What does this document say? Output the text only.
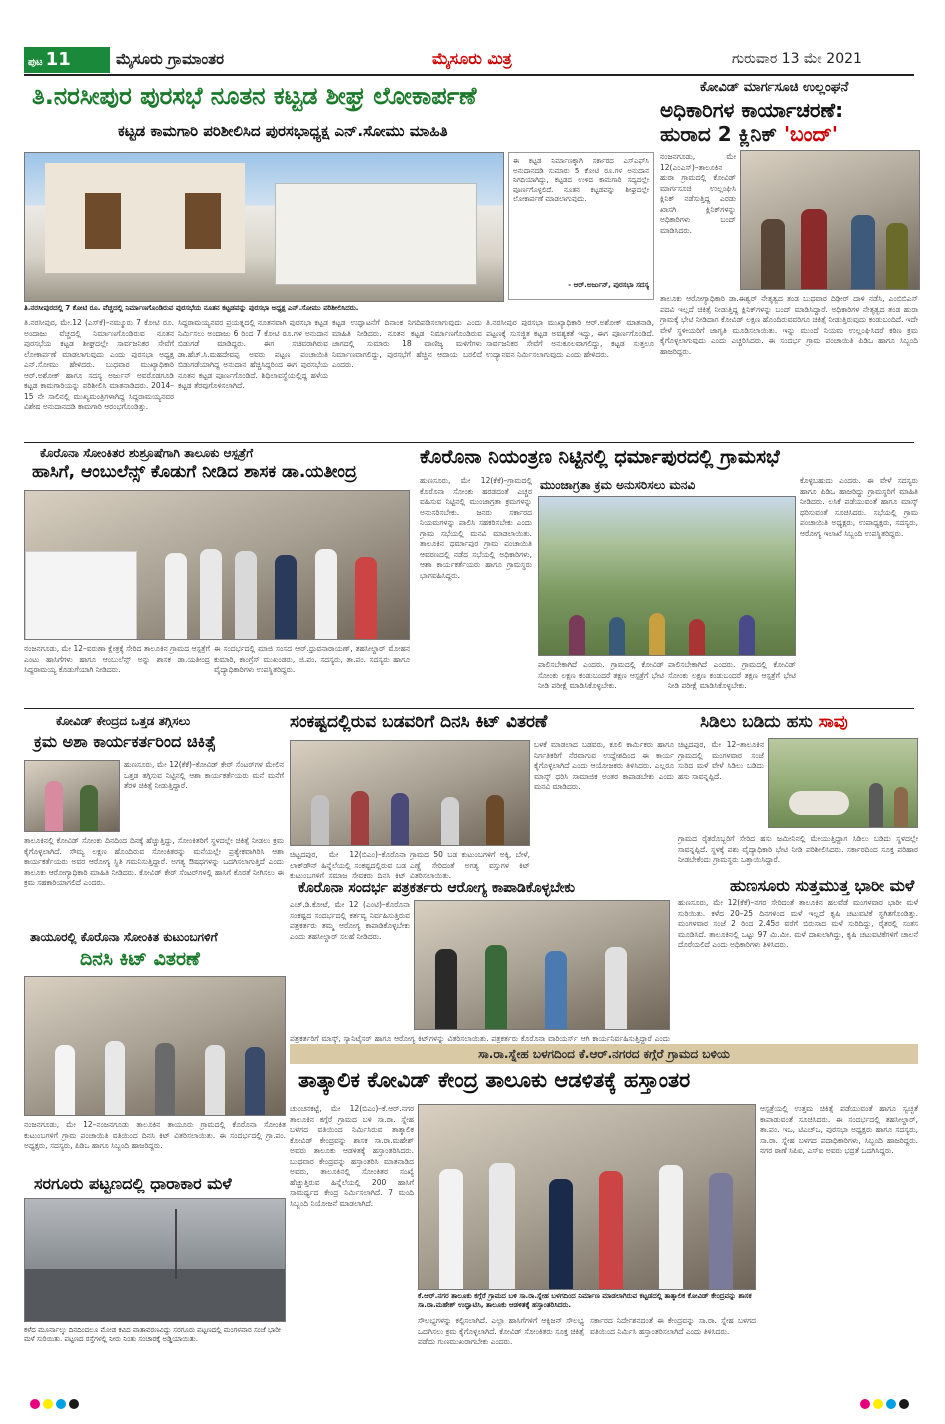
ಪುಟ 11	ಮೈಸೂರು ಗ್ರಾಮಾಂತರ	ಮೈಸೂರು ಮಿತ್ರ	ಗುರುವಾರ 13 ಮೇ 2021
ತಿ.ನರಸೀಪುರ ಪುರಸಭೆ ನೂತನ ಕಟ್ಟಡ ಶೀಘ್ರ ಲೋಕಾರ್ಪಣೆ
ಕಟ್ಟಡ ಕಾಮಗಾರಿ ಪರಿಶೀಲಿಸಿದ ಪುರಸಭಾಧ್ಯಕ್ಷ ಎನ್.ಸೋಮು ಮಾಹಿತಿ
ತಿ.ನರಸೀಪುರದಲ್ಲಿ 7 ಕೋಟಿ ರೂ. ವೆಚ್ಚದಲ್ಲಿ ನಿರ್ಮಾಣಗೊಂಡಿರುವ ಪುರಸಭೆಯ ನೂತನ ಕಟ್ಟಡವನ್ನು ಪುರಸಭಾ ಅಧ್ಯಕ್ಷ ಎನ್.ಸೋಮು ಪರಿಶೀಲಿಸಿದರು.
ಈ ಕಟ್ಟಡ ನಿರ್ಮಾಣಕ್ಕಾಗಿ ಸರ್ಕಾರದ ಎಸ್‌ಎಫ್‌ಸಿ ಅನುದಾನದಡಿ ಸುಮಾರು 5 ಕೋಟಿ ರೂ.ಗಳ ಅನುದಾನ ನಿಗದಿಯಾಗಿದ್ದು, ಕಟ್ಟಡದ ಉಳಿದ ಕಾಮಗಾರಿ ಸದ್ಯದಲ್ಲೇ ಪೂರ್ಣಗೊಳ್ಳಲಿದೆ. ನೂತನ ಕಟ್ಟಡವನ್ನು ಶೀಘ್ರದಲ್ಲೇ ಲೋಕಾರ್ಪಣೆ ಮಾಡಲಾಗುವುದು.
- ಆರ್.ಅರ್ಜುನ್, ಪುರಸಭಾ ಸದಸ್ಯ
ತಿ.ನರಸೀಪುರ, ಮೇ.12 (ಎಸ್‌ಕೆ)–ನಮ್ಮೂರು 7 ಕೋಟಿ ರೂ. ಅಂದಾಜು ವೆಚ್ಚದಲ್ಲಿ ನಿರ್ಮಾಣಗೊಂಡಿರುವ ನೂತನ ಪುರಸಭೆಯ ಕಟ್ಟಡ ಶೀಘ್ರದಲ್ಲೇ ಸಾರ್ವಜನಿಕರ ಸೇವೆಗೆ ಲೋಕಾರ್ಪಣೆ ಮಾಡಲಾಗುವುದು ಎಂದು ಪುರಸಭಾ ಅಧ್ಯಕ್ಷ ಎನ್.ಸೋಮು ಹೇಳಿದರು. ಬುಧವಾರ ಮುಖ್ಯಾಧಿಕಾರಿ ಆರ್.ಅಶೋಕ್ ಹಾಗೂ ಸದಸ್ಯ ಅರ್ಜುನ್ ಅವರೊಡಗೂಡಿ ಕಟ್ಟಡ ಕಾಮಗಾರಿಯನ್ನು ಪರಿಶೀಲಿಸಿ ಮಾತನಾಡಿದರು. 2014–15 ನೇ ಸಾಲಿನಲ್ಲಿ ಮುಖ್ಯಮಂತ್ರಿಗಳಾಗಿದ್ದ ಸಿದ್ದರಾಮಯ್ಯನವರ ವಿಶೇಷ ಅನುದಾನದಡಿ ಕಾಮಗಾರಿ ಆರಂಭಗೊಂಡಿತ್ತು.
ಸಿದ್ದರಾಮಯ್ಯನವರ ಪ್ರಯತ್ನದಲ್ಲಿ ನೂತನವಾಗಿ ಪುರಸಭಾ ಕಟ್ಟಡ ನಿರ್ಮಿಸಲು ಅಂದಾಜು 6 ರಿಂದ 7 ಕೋಟಿ ರೂ.ಗಳ ಅನುದಾನ ಬಿಡುಗಡೆ ಮಾಡಿದ್ದರು. ಈಗ ಸಚಿವರಾಗಿರುವ ಡಾ.ಹೆಚ್.ಸಿ.ಮಹದೇವಪ್ಪ ಅವರು ಪಟ್ಟಣ ಪಂಚಾಯಿತಿ ಬಿಡುಗಡೆಯಾಗಿದ್ದ ಅನುದಾನ ಹೆಚ್ಚಿಸಿದ್ದರಿಂದ ಈಗ ಪುರಸಭೆಯ ನೂತನ ಕಟ್ಟಡ ಪೂರ್ಣಗೊಂಡಿದೆ. ಶಿಥಿಲಾವಸ್ಥೆಯಲ್ಲಿದ್ದ ಹಳೆಯ ಕಟ್ಟಡ ತೆರವುಗೊಳಿಸಲಾಗಿದೆ.
ಕಟ್ಟಡ ಉದ್ಘಾಟನೆಗೆ ದಿನಾಂಕ ನಿಗದಿಪಡಿಸಲಾಗುವುದು ಎಂದು ಮಾಹಿತಿ ನೀಡಿದರು. ನೂತನ ಕಟ್ಟಡ ನಿರ್ಮಾಣಗೊಂಡಿರುವ ಜಾಗದಲ್ಲಿ ಸುಮಾರು 18 ವಾಣಿಜ್ಯ ಮಳಿಗೆಗಳು ನಿರ್ಮಾಣವಾಗಲಿದ್ದು, ಪುರಸಭೆಗೆ ಹೆಚ್ಚಿನ ಆದಾಯ ಬರಲಿದೆ ಎಂದರು.
ತಿ.ನರಸೀಪುರ ಪುರಸಭಾ ಮುಖ್ಯಾಧಿಕಾರಿ ಆರ್.ಅಶೋಕ್ ಮಾತನಾಡಿ, ಪಟ್ಟಣಕ್ಕೆ ಸುಸಜ್ಜಿತ ಕಟ್ಟಡ ಅವಶ್ಯಕತೆ ಇದ್ದು, ಈಗ ಪೂರ್ಣಗೊಂಡಿದೆ. ಸಾರ್ವಜನಿಕರ ಸೇವೆಗೆ ಅನುಕೂಲವಾಗಲಿದ್ದು, ಕಟ್ಟಡ ಸುತ್ತಲೂ ಉದ್ಯಾನವನ ನಿರ್ಮಿಸಲಾಗುವುದು ಎಂದು ಹೇಳಿದರು.
ಕೋವಿಡ್ ಮಾರ್ಗಸೂಚಿ ಉಲ್ಲಂಘನೆ
ಅಧಿಕಾರಿಗಳ ಕಾರ್ಯಾಚರಣೆ:
ಹುರಾದ 2 ಕ್ಲಿನಿಕ್ 'ಬಂದ್'
ನಂಜನಗೂಡು, ಮೇ 12(ಎಂಎಸ್)–ತಾಲೂಕಿನ ಹುರಾ ಗ್ರಾಮದಲ್ಲಿ ಕೋವಿಡ್ ಮಾರ್ಗಸೂಚಿ ಉಲ್ಲಂಘಿಸಿ ಕ್ಲಿನಿಕ್ ನಡೆಸುತ್ತಿದ್ದ ಎರಡು ಖಾಸಗಿ ಕ್ಲಿನಿಕ್‌ಗಳನ್ನು ಅಧಿಕಾರಿಗಳು ಬಂದ್ ಮಾಡಿಸಿದರು.
ತಾಲೂಕು ಆರೋಗ್ಯಾಧಿಕಾರಿ ಡಾ.ಈಶ್ವರ್ ನೇತೃತ್ವದ ತಂಡ ಬುಧವಾರ ದಿಢೀರ್ ದಾಳಿ ನಡೆಸಿ, ಎಂಬಿಬಿಎಸ್ ಪದವಿ ಇಲ್ಲದೆ ಚಿಕಿತ್ಸೆ ನೀಡುತ್ತಿದ್ದ ಕ್ಲಿನಿಕ್‌ಗಳನ್ನು ಬಂದ್ ಮಾಡಿಸಿದ್ದಾರೆ. ಅಧಿಕಾರಿಗಳ ನೇತೃತ್ವದ ತಂಡ ಹುರಾ ಗ್ರಾಮಕ್ಕೆ ಭೇಟಿ ನೀಡಿದಾಗ ಕೋವಿಡ್ ಲಕ್ಷಣ ಹೊಂದಿರುವವರಿಗೂ ಚಿಕಿತ್ಸೆ ನೀಡುತ್ತಿರುವುದು ಕಂಡುಬಂದಿದೆ. ಇದೇ ವೇಳೆ ಸ್ಥಳೀಯರಿಗೆ ಜಾಗೃತಿ ಮೂಡಿಸಲಾಯಿತು. ಇನ್ನು ಮುಂದೆ ನಿಯಮ ಉಲ್ಲಂಘಿಸಿದರೆ ಕಠಿಣ ಕ್ರಮ ಕೈಗೊಳ್ಳಲಾಗುವುದು ಎಂದು ಎಚ್ಚರಿಸಿದರು. ಈ ಸಂದರ್ಭ ಗ್ರಾಮ ಪಂಚಾಯಿತಿ ಪಿಡಿಒ ಹಾಗೂ ಸಿಬ್ಬಂದಿ ಹಾಜರಿದ್ದರು.
ಕೊರೊನಾ ಸೋಂಕಿತರ ಶುಶ್ರೂಷೆಗಾಗಿ ತಾಲೂಕು ಆಸ್ಪತ್ರೆಗೆ
ಹಾಸಿಗೆ, ಆಂಬುಲೆನ್ಸ್ ಕೊಡುಗೆ ನೀಡಿದ ಶಾಸಕ ಡಾ.ಯತೀಂದ್ರ
ನಂಜನಗೂಡು, ಮೇ 12–ವರುಣಾ ಕ್ಷೇತ್ರಕ್ಕೆ ಸೇರಿದ ತಾಲೂಕಿನ ಗ್ರಾಮದ ಆಸ್ಪತ್ರೆಗೆ ಎಂಟು ಹಾಸಿಗೆಗಳು ಹಾಗೂ ಆಂಬುಲೆನ್ಸ್ ಅನ್ನು ಶಾಸಕ ಡಾ.ಯತೀಂದ್ರ ಸಿದ್ದರಾಮಯ್ಯ ಕೊಡುಗೆಯಾಗಿ ನೀಡಿದರು.
ಈ ಸಂದರ್ಭದಲ್ಲಿ ಮಾಜಿ ಸಂಸದ ಆರ್.ಧ್ರುವನಾರಾಯಣ್, ತಹಸೀಲ್ದಾರ್ ಮೋಹನ ಕುಮಾರಿ, ಕಾಂಗ್ರೆಸ್ ಮುಖಂಡರು, ಜಿ.ಪಂ. ಸದಸ್ಯರು, ತಾ.ಪಂ. ಸದಸ್ಯರು ಹಾಗೂ ವೈದ್ಯಾಧಿಕಾರಿಗಳು ಉಪಸ್ಥಿತರಿದ್ದರು.
ಕೊರೊನಾ ನಿಯಂತ್ರಣ ನಿಟ್ಟಿನಲ್ಲಿ ಧರ್ಮಾಪುರದಲ್ಲಿ ಗ್ರಾಮಸಭೆ
ಹುಣಸೂರು, ಮೇ 12(ಕೆಕೆ)–ಗ್ರಾಮದಲ್ಲಿ ಕೊರೊನಾ ಸೋಂಕು ಹರಡದಂತೆ ಎಚ್ಚರ ವಹಿಸುವ ನಿಟ್ಟಿನಲ್ಲಿ ಮುಂಜಾಗ್ರತಾ ಕ್ರಮಗಳನ್ನು ಅನುಸರಿಸಬೇಕು. ಜನರು ಸರ್ಕಾರದ ನಿಯಮಗಳನ್ನು ಪಾಲಿಸಿ ಸಹಕರಿಸಬೇಕು ಎಂದು ಗ್ರಾಮ ಸಭೆಯಲ್ಲಿ ಮನವಿ ಮಾಡಲಾಯಿತು. ತಾಲೂಕಿನ ಧರ್ಮಾಪುರ ಗ್ರಾಮ ಪಂಚಾಯಿತಿ ಆವರಣದಲ್ಲಿ ನಡೆದ ಸಭೆಯಲ್ಲಿ ಅಧಿಕಾರಿಗಳು, ಆಶಾ ಕಾರ್ಯಕರ್ತೆಯರು ಹಾಗೂ ಗ್ರಾಮಸ್ಥರು ಭಾಗವಹಿಸಿದ್ದರು.
ಮುಂಜಾಗ್ರತಾ ಕ್ರಮ ಅನುಸರಿಸಲು ಮನವಿ
ಪಾಲಿಸಬೇಕಾಗಿದೆ ಎಂದರು. ಗ್ರಾಮದಲ್ಲಿ ಕೋವಿಡ್ ಸೋಂಕು ಲಕ್ಷಣ ಕಂಡುಬಂದರೆ ತಕ್ಷಣ ಆಸ್ಪತ್ರೆಗೆ ಭೇಟಿ ನೀಡಿ ಪರೀಕ್ಷೆ ಮಾಡಿಸಿಕೊಳ್ಳಬೇಕು.
ಪಾಲಿಸಬೇಕಾಗಿದೆ ಎಂದರು. ಗ್ರಾಮದಲ್ಲಿ ಕೋವಿಡ್ ಸೋಂಕು ಲಕ್ಷಣ ಕಂಡುಬಂದರೆ ತಕ್ಷಣ ಆಸ್ಪತ್ರೆಗೆ ಭೇಟಿ ನೀಡಿ ಪರೀಕ್ಷೆ ಮಾಡಿಸಿಕೊಳ್ಳಬೇಕು.
ಕೊಳ್ಳಬಹುದು ಎಂದರು. ಈ ವೇಳೆ ಸದಸ್ಯರು ಹಾಗೂ ಪಿಡಿಒ ಹಾಜರಿದ್ದು ಗ್ರಾಮಸ್ಥರಿಗೆ ಮಾಹಿತಿ ನೀಡಿದರು. ಲಸಿಕೆ ಪಡೆಯುವಂತೆ ಹಾಗೂ ಮಾಸ್ಕ್ ಧರಿಸುವಂತೆ ಸೂಚಿಸಿದರು. ಸಭೆಯಲ್ಲಿ ಗ್ರಾಮ ಪಂಚಾಯಿತಿ ಅಧ್ಯಕ್ಷರು, ಉಪಾಧ್ಯಕ್ಷರು, ಸದಸ್ಯರು, ಆರೋಗ್ಯ ಇಲಾಖೆ ಸಿಬ್ಬಂದಿ ಉಪಸ್ಥಿತರಿದ್ದರು.
ಕೋವಿಡ್ ಕೇಂದ್ರದ ಒತ್ತಡ ತಗ್ಗಿಸಲು
ಕ್ರಮ ಅಶಾ ಕಾರ್ಯಕರ್ತರಿಂದ ಚಿಕಿತ್ಸೆ
ಹುಣಸೂರು, ಮೇ 12(ಕೆಕೆ)–ಕೋವಿಡ್ ಕೇರ್ ಸೆಂಟರ್‌ಗಳ ಮೇಲಿನ ಒತ್ತಡ ತಗ್ಗಿಸುವ ನಿಟ್ಟಿನಲ್ಲಿ ಆಶಾ ಕಾರ್ಯಕರ್ತೆಯರು ಮನೆ ಮನೆಗೆ ತೆರಳಿ ಚಿಕಿತ್ಸೆ ನೀಡುತ್ತಿದ್ದಾರೆ.
ತಾಲೂಕಿನಲ್ಲಿ ಕೋವಿಡ್ ಸೋಂಕು ದಿನದಿಂದ ದಿನಕ್ಕೆ ಹೆಚ್ಚುತ್ತಿದ್ದು, ಸೋಂಕಿತರಿಗೆ ಸ್ಥಳದಲ್ಲೇ ಚಿಕಿತ್ಸೆ ನೀಡಲು ಕ್ರಮ ಕೈಗೊಳ್ಳಲಾಗಿದೆ. ಸೌಮ್ಯ ಲಕ್ಷಣ ಹೊಂದಿರುವ ಸೋಂಕಿತರನ್ನು ಮನೆಯಲ್ಲೇ ಪ್ರತ್ಯೇಕವಾಗಿರಿಸಿ ಆಶಾ ಕಾರ್ಯಕರ್ತೆಯರು ಅವರ ಆರೋಗ್ಯ ಸ್ಥಿತಿ ಗಮನಿಸುತ್ತಿದ್ದಾರೆ. ಅಗತ್ಯ ಔಷಧಗಳನ್ನು ಒದಗಿಸಲಾಗುತ್ತಿದೆ ಎಂದು ತಾಲೂಕು ಆರೋಗ್ಯಾಧಿಕಾರಿ ಮಾಹಿತಿ ನೀಡಿದರು. ಕೋವಿಡ್ ಕೇರ್ ಸೆಂಟರ್‌ಗಳಲ್ಲಿ ಹಾಸಿಗೆ ಕೊರತೆ ನೀಗಿಸಲು ಈ ಕ್ರಮ ಸಹಕಾರಿಯಾಗಲಿದೆ ಎಂದರು.
ತಾಯೂರಲ್ಲಿ ಕೊರೊನಾ ಸೋಂಕಿತ ಕುಟುಂಬಗಳಿಗೆ
ದಿನಸಿ ಕಿಟ್ ವಿತರಣೆ
ನಂಜನಗೂಡು, ಮೇ 12–ನಂಜನಗೂಡು ತಾಲೂಕಿನ ತಾಯೂರು ಗ್ರಾಮದಲ್ಲಿ ಕೊರೊನಾ ಸೋಂಕಿತ ಕುಟುಂಬಗಳಿಗೆ ಗ್ರಾಮ ಪಂಚಾಯಿತಿ ವತಿಯಿಂದ ದಿನಸಿ ಕಿಟ್ ವಿತರಿಸಲಾಯಿತು. ಈ ಸಂದರ್ಭದಲ್ಲಿ ಗ್ರಾ.ಪಂ. ಅಧ್ಯಕ್ಷರು, ಸದಸ್ಯರು, ಪಿಡಿಒ ಹಾಗೂ ಸಿಬ್ಬಂದಿ ಹಾಜರಿದ್ದರು.
ಸರಗೂರು ಪಟ್ಟಣದಲ್ಲಿ ಧಾರಾಕಾರ ಮಳೆ
ಕಳೆದ ಮೂರ್ನಾಲ್ಕು ದಿನದಿಂದಲೂ ಮೋಡ ಕವಿದ ವಾತಾವರಣವಿದ್ದು ಸರಗೂರು ಪಟ್ಟಣದಲ್ಲಿ ಮಂಗಳವಾರ ಸಂಜೆ ಭಾರೀ ಮಳೆ ಸುರಿಯಿತು. ಪಟ್ಟಣದ ರಸ್ತೆಗಳಲ್ಲಿ ನೀರು ನಿಂತು ಸಂಚಾರಕ್ಕೆ ಅಡ್ಡಿಯಾಯಿತು.
ಸಂಕಷ್ಟದಲ್ಲಿರುವ ಬಡವರಿಗೆ ದಿನಸಿ ಕಿಟ್ ವಿತರಣೆ
ಬಳಕೆ ಮಾಡಲಾದ ಬಡವರು, ಕೂಲಿ ಕಾರ್ಮಿಕರು ಹಾಗೂ ನಿರ್ಗತಿಕರಿಗೆ ನೆರವಾಗುವ ಉದ್ದೇಶದಿಂದ ಈ ಕಾರ್ಯ ಕೈಗೊಳ್ಳಲಾಗಿದೆ ಎಂದು ಆಯೋಜಕರು ತಿಳಿಸಿದರು. ಎಲ್ಲರೂ ಮಾಸ್ಕ್ ಧರಿಸಿ ಸಾಮಾಜಿಕ ಅಂತರ ಕಾಪಾಡಬೇಕು ಎಂದು ಮನವಿ ಮಾಡಿದರು.
ಚಿಟ್ಟದಪುರ, ಮೇ 12(ಬಿಎಂ)–ಕೊರೊನಾ ಲಾಕ್‌ಡೌನ್ ಹಿನ್ನೆಲೆಯಲ್ಲಿ ಸಂಕಷ್ಟದಲ್ಲಿರುವ ಬಡ ಕುಟುಂಬಗಳಿಗೆ ಸಮಾಜ ಸೇವಕರು ದಿನಸಿ ಕಿಟ್
ಗ್ರಾಮದ 50 ಬಡ ಕುಟುಂಬಗಳಿಗೆ ಅಕ್ಕಿ, ಬೇಳೆ, ಎಣ್ಣೆ ಸೇರಿದಂತೆ ಅಗತ್ಯ ವಸ್ತುಗಳ ಕಿಟ್ ವಿತರಿಸಲಾಯಿತು.
ಕೊರೊನಾ ಸಂದರ್ಭ ಪತ್ರಕರ್ತರು ಆರೋಗ್ಯ ಕಾಪಾಡಿಕೊಳ್ಳಬೇಕು
ಎಚ್.ಡಿ.ಕೋಟೆ, ಮೇ 12 (ಎಂಟಿ)–ಕೊರೊನಾ ಸಂಕಷ್ಟದ ಸಂದರ್ಭದಲ್ಲಿ ಕರ್ತವ್ಯ ನಿರ್ವಹಿಸುತ್ತಿರುವ ಪತ್ರಕರ್ತರು ತಮ್ಮ ಆರೋಗ್ಯ ಕಾಪಾಡಿಕೊಳ್ಳಬೇಕು ಎಂದು ತಹಸೀಲ್ದಾರ್ ಸಲಹೆ ನೀಡಿದರು.
ಪತ್ರಕರ್ತರಿಗೆ ಮಾಸ್ಕ್, ಸ್ಯಾನಿಟೈಸರ್ ಹಾಗೂ ಆರೋಗ್ಯ ಕಿಟ್‌ಗಳನ್ನು ವಿತರಿಸಲಾಯಿತು. ಪತ್ರಕರ್ತರು ಕೊರೊನಾ ವಾರಿಯರ್ಸ್ ಆಗಿ ಕಾರ್ಯನಿರ್ವಹಿಸುತ್ತಿದ್ದಾರೆ ಎಂದು
ಸಿಡಿಲು ಬಡಿದು ಹಸು ಸಾವು
ಚಿಟ್ಟದಪುರ, ಮೇ 12–ತಾಲೂಕಿನ ಗ್ರಾಮದಲ್ಲಿ ಮಂಗಳವಾರ ಸಂಜೆ ಸುರಿದ ಮಳೆ ವೇಳೆ ಸಿಡಿಲು ಬಡಿದು ಹಸು ಸಾವನ್ನಪ್ಪಿದೆ.
ಗ್ರಾಮದ ರೈತರೊಬ್ಬರಿಗೆ ಸೇರಿದ ಹಸು ಜಮೀನಿನಲ್ಲಿ ಮೇಯುತ್ತಿದ್ದಾಗ ಸಿಡಿಲು ಬಡಿದು ಸ್ಥಳದಲ್ಲೇ ಸಾವನ್ನಪ್ಪಿದೆ. ಸ್ಥಳಕ್ಕೆ ಪಶು ವೈದ್ಯಾಧಿಕಾರಿ ಭೇಟಿ ನೀಡಿ ಪರಿಶೀಲಿಸಿದರು. ಸರ್ಕಾರದಿಂದ ಸೂಕ್ತ ಪರಿಹಾರ ನೀಡಬೇಕೆಂದು ಗ್ರಾಮಸ್ಥರು ಒತ್ತಾಯಿಸಿದ್ದಾರೆ.
ಹುಣಸೂರು ಸುತ್ತಮುತ್ತ ಭಾರೀ ಮಳೆ
ಹುಣಸೂರು, ಮೇ 12(ಕೆಕೆ)–ನಗರ ಸೇರಿದಂತೆ ತಾಲೂಕಿನ ಹಲವೆಡೆ ಮಂಗಳವಾರ ಭಾರೀ ಮಳೆ ಸುರಿಯಿತು. ಕಳೆದ 20–25 ದಿನಗಳಿಂದ ಮಳೆ ಇಲ್ಲದೆ ಕೃಷಿ ಚಟುವಟಿಕೆ ಸ್ಥಗಿತಗೊಂಡಿತ್ತು. ಮಂಗಳವಾರ ಸಂಜೆ 2 ರಿಂದ 2.45ರ ವರೆಗೆ ಬಿರುಸಾದ ಮಳೆ ಸುರಿದಿದ್ದು, ರೈತರಲ್ಲಿ ಸಂತಸ ಮೂಡಿಸಿದೆ. ತಾಲೂಕಿನಲ್ಲಿ ಒಟ್ಟು 97 ಮಿ.ಮೀ. ಮಳೆ ದಾಖಲಾಗಿದ್ದು, ಕೃಷಿ ಚಟುವಟಿಕೆಗಳಿಗೆ ಚಾಲನೆ ದೊರೆಯಲಿದೆ ಎಂದು ಅಧಿಕಾರಿಗಳು ತಿಳಿಸಿದರು.
ಸಾ.ರಾ.ಸ್ನೇಹ ಬಳಗದಿಂದ ಕೆ.ಆರ್.ನಗರದ ಕಗ್ಗೆರೆ ಗ್ರಾಮದ ಬಳಿಯ
ತಾತ್ಕಾಲಿಕ ಕೋವಿಡ್ ಕೇಂದ್ರ ತಾಲೂಕು ಆಡಳಿತಕ್ಕೆ ಹಸ್ತಾಂತರ
ಚುಂಚನಕಟ್ಟೆ, ಮೇ 12(ಬಿಎಂ)–ಕೆ.ಆರ್.ನಗರ ತಾಲೂಕಿನ ಕಗ್ಗೆರೆ ಗ್ರಾಮದ ಬಳಿ ಸಾ.ರಾ. ಸ್ನೇಹ ಬಳಗದ ವತಿಯಿಂದ ನಿರ್ಮಿಸಿರುವ ತಾತ್ಕಾಲಿಕ ಕೋವಿಡ್ ಕೇಂದ್ರವನ್ನು ಶಾಸಕ ಸಾ.ರಾ.ಮಹೇಶ್ ಅವರು ತಾಲೂಕು ಆಡಳಿತಕ್ಕೆ ಹಸ್ತಾಂತರಿಸಿದರು. ಬುಧವಾರ ಕೇಂದ್ರವನ್ನು ಹಸ್ತಾಂತರಿಸಿ ಮಾತನಾಡಿದ ಅವರು, ತಾಲೂಕಿನಲ್ಲಿ ಸೋಂಕಿತರ ಸಂಖ್ಯೆ ಹೆಚ್ಚುತ್ತಿರುವ ಹಿನ್ನೆಲೆಯಲ್ಲಿ 200 ಹಾಸಿಗೆ ಸಾಮರ್ಥ್ಯದ ಕೇಂದ್ರ ನಿರ್ಮಿಸಲಾಗಿದೆ. 7 ಮಂದಿ ಸಿಬ್ಬಂದಿ ನಿಯೋಜನೆ ಮಾಡಲಾಗಿದೆ.
ಕೆ.ಆರ್.ನಗರ ತಾಲೂಕು ಕಗ್ಗೆರೆ ಗ್ರಾಮದ ಬಳಿ ಸಾ.ರಾ.ಸ್ನೇಹ ಬಳಗದಿಂದ ನಿರ್ಮಾಣ ಮಾಡಲಾಗಿರುವ ಕಟ್ಟಡದಲ್ಲಿ ತಾತ್ಕಾಲಿಕ ಕೋವಿಡ್ ಕೇಂದ್ರವನ್ನು ಶಾಸಕ ಸಾ.ರಾ.ಮಹೇಶ್ ಉದ್ಘಾಟಿಸಿ, ತಾಲೂಕು ಆಡಳಿತಕ್ಕೆ ಹಸ್ತಾಂತರಿಸಿದರು.
ಸೌಲಭ್ಯಗಳನ್ನು ಕಲ್ಪಿಸಲಾಗಿದೆ. ಎಲ್ಲಾ ಹಾಸಿಗೆಗಳಿಗೆ ಆಕ್ಸಿಜನ್ ಸೌಲಭ್ಯ ಒದಗಿಸಲು ಕ್ರಮ ಕೈಗೊಳ್ಳಲಾಗಿದೆ. ಕೋವಿಡ್ ಸೋಂಕಿತರು ಸೂಕ್ತ ಚಿಕಿತ್ಸೆ ಪಡೆದು ಗುಣಮುಖರಾಗಬೇಕು ಎಂದರು.
ಸರ್ಕಾರದ ನಿರ್ದೇಶನದಂತೆ ಈ ಕೇಂದ್ರವನ್ನು ಸಾ.ರಾ. ಸ್ನೇಹ ಬಳಗದ ವತಿಯಿಂದ ನಿರ್ಮಿಸಿ ಹಸ್ತಾಂತರಿಸಲಾಗಿದೆ ಎಂದು ತಿಳಿಸಿದರು.
ಆಸ್ಪತ್ರೆಯಲ್ಲಿ ಉತ್ತಮ ಚಿಕಿತ್ಸೆ ಪಡೆಯುವಂತೆ ಹಾಗೂ ಸ್ವಚ್ಛತೆ ಕಾಪಾಡುವಂತೆ ಸೂಚಿಸಿದರು. ಈ ಸಂದರ್ಭದಲ್ಲಿ ತಹಸೀಲ್ದಾರ್, ತಾ.ಪಂ. ಇಒ, ಟಿಎಚ್‌ಒ, ಪುರಸಭಾ ಅಧ್ಯಕ್ಷರು ಹಾಗೂ ಸದಸ್ಯರು, ಸಾ.ರಾ. ಸ್ನೇಹ ಬಳಗದ ಪದಾಧಿಕಾರಿಗಳು, ಸಿಬ್ಬಂದಿ ಹಾಜರಿದ್ದರು. ನಗರ ಠಾಣೆ ಸಿಪಿಐ, ಎಸ್‌ಐ ಅವರು ಭದ್ರತೆ ಒದಗಿಸಿದ್ದರು.
